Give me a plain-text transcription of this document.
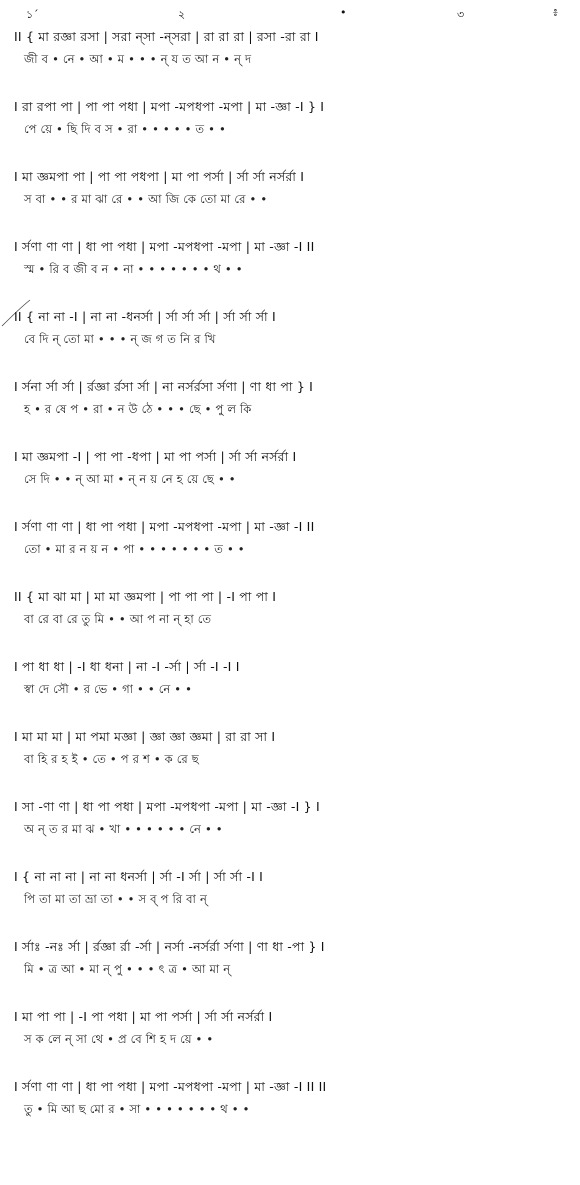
১´	২	•	৩	៖
II { মা রজ্ঞা রসা | সরা ন্‌সা -ন্‌সরা | রা রা রা | রসা -রা রা I
জী ব • নে • আ • ম • • • ন্‌ য ত আ ন • ন্‌ দ
I রা রপা পা | পা পা পধা | মপা -মপধপা -মপা | মা -জ্ঞা -I } I
পে য়ে • ছি দি ব স • রা • • • • • ত • •
I মা জ্ঞমপা পা | পা পা পধপা | মা পা পর্সা | র্সা র্সা নর্সর্রা I
স বা • • র মা ঝা রে • • আ জি কে তো মা রে • •
I র্সণা ণা ণা | ধা পা পধা | মপা -মপধপা -মপা | মা -জ্ঞা -I II
স্ম • রি ব জী ব ন • না • • • • • • • থ • •
II { না না -I | না না -ধনর্সা | র্সা র্সা র্সা | র্সা র্সা র্সা I
বে দি ন্‌ তো মা • • • ন্‌ জ গ ত নি র খি
I র্সনা র্সা র্সা | র্রজ্ঞা র্রসা র্সা | না নর্সর্রসা র্সণা | ণা ধা পা } I
হ • র ষে প • রা • ন উ ঠে • • • ছে • পু ল কি
I মা জ্ঞমপা -I | পা পা -ধপা | মা পা পর্সা | র্সা র্সা নর্সর্রা I
সে দি • • ন্‌ আ মা • ন্‌ ন য় নে হ য়ে ছে • •
I র্সণা ণা ণা | ধা পা পধা | মপা -মপধপা -মপা | মা -জ্ঞা -I II
তো • মা র ন য় ন • পা • • • • • • • ত • •
II { মা ঝা মা | মা মা জ্ঞমপা | পা পা পা | -I পা পা I
বা রে বা রে তু মি • • আ প না ন্‌ হা তে
I পা ধা ধা | -I ধা ধনা | না -I -র্সা | র্সা -I -I I
স্বা দে সৌ • র ভে • গা • • নে • •
I মা মা মা | মা পমা মজ্ঞা | জ্ঞা জ্ঞা জ্ঞমা | রা রা সা I
বা হি র হ ই • তে • প র শ • ক রে ছ
I সা -ণা ণা | ধা পা পধা | মপা -মপধপা -মপা | মা -জ্ঞা -I } I
অ ন্‌ ত র মা ঝ • খা • • • • • • নে • •
I { না না না | না না ধনর্সা | র্সা -I র্সা | র্সা র্সা -I I
পি তা মা তা ভ্রা তা • • স ব্‌ প রি বা ন্‌
I র্সাঃ -নঃ র্সা | র্রজ্ঞা র্রা -র্সা | নর্সা -নর্সর্রা র্সণা | ণা ধা -পা } I
মি • ত্র আ • মা ন্‌ পু • • • ৎ ত্র • আ মা ন্‌
I মা পা পা | -I পা পধা | মা পা পর্সা | র্সা র্সা নর্সর্রা I
স ক লে ন্‌ সা থে • প্র বে শি হ দ য়ে • •
I র্সণা ণা ণা | ধা পা পধা | মপা -মপধপা -মপা | মা -জ্ঞা -I II II
তু • মি আ ছ মো র • সা • • • • • • • থ • •
